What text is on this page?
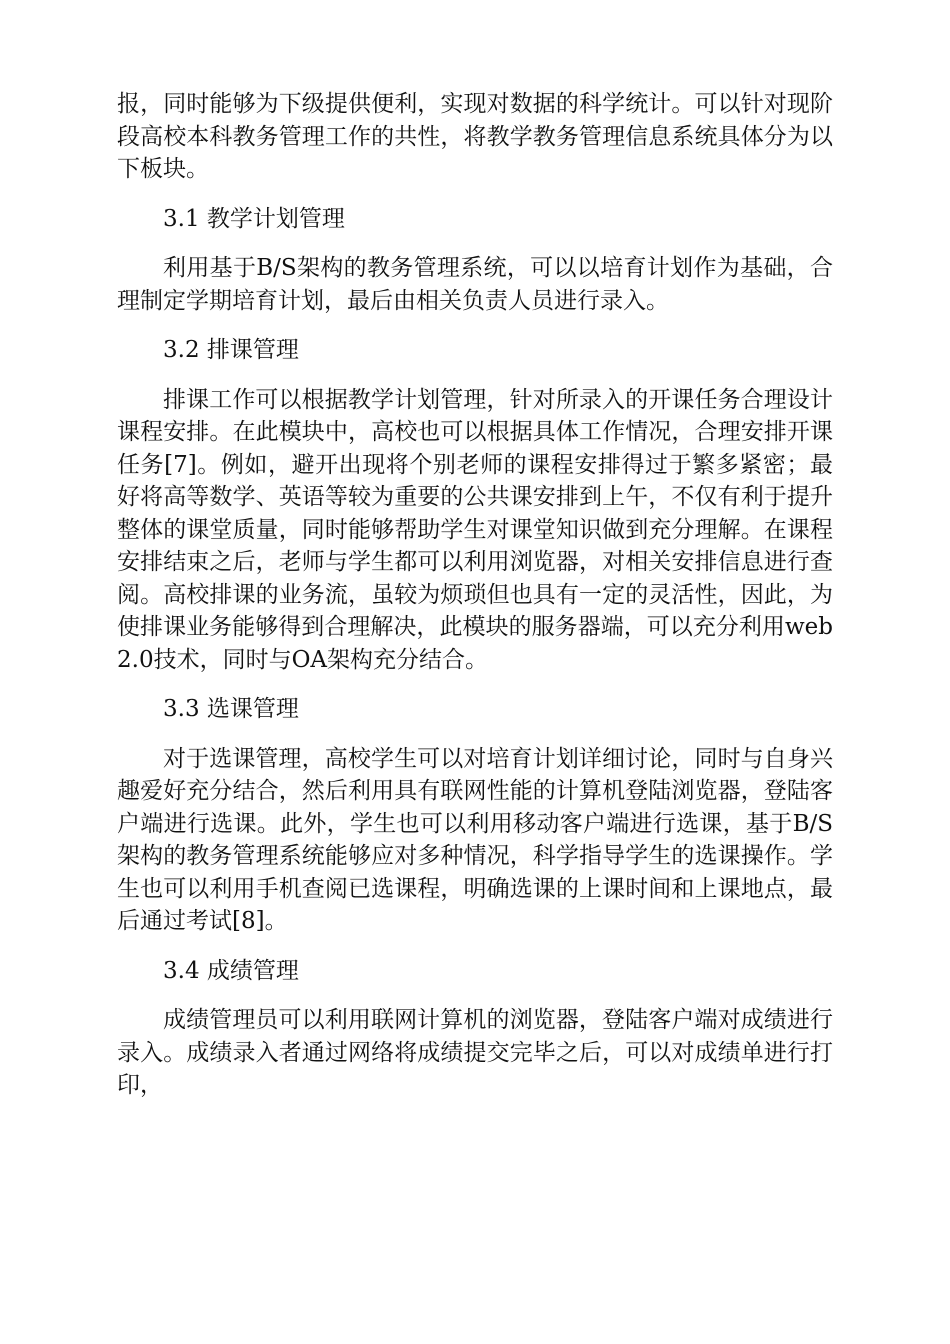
报，同时能够为下级提供便利，实现对数据的科学统计。可以针对现阶段高校本科教务管理工作的共性，将教学教务管理信息系统具体分为以下板块。

3.1 教学计划管理

利用基于B/S架构的教务管理系统，可以以培育计划作为基础，合理制定学期培育计划，最后由相关负责人员进行录入。

3.2 排课管理

排课工作可以根据教学计划管理，针对所录入的开课任务合理设计课程安排。在此模块中，高校也可以根据具体工作情况，合理安排开课任务[7]。例如，避开出现将个别老师的课程安排得过于繁多紧密；最好将高等数学、英语等较为重要的公共课安排到上午，不仅有利于提升整体的课堂质量，同时能够帮助学生对课堂知识做到充分理解。在课程安排结束之后，老师与学生都可以利用浏览器，对相关安排信息进行查阅。高校排课的业务流，虽较为烦琐但也具有一定的灵活性，因此，为使排课业务能够得到合理解决，此模块的服务器端，可以充分利用web2.0技术，同时与OA架构充分结合。

3.3 选课管理

对于选课管理，高校学生可以对培育计划详细讨论，同时与自身兴趣爱好充分结合，然后利用具有联网性能的计算机登陆浏览器，登陆客户端进行选课。此外，学生也可以利用移动客户端进行选课，基于B/S架构的教务管理系统能够应对多种情况，科学指导学生的选课操作。学生也可以利用手机查阅已选课程，明确选课的上课时间和上课地点，最后通过考试[8]。

3.4 成绩管理

成绩管理员可以利用联网计算机的浏览器，登陆客户端对成绩进行录入。成绩录入者通过网络将成绩提交完毕之后，可以对成绩单进行打印，
